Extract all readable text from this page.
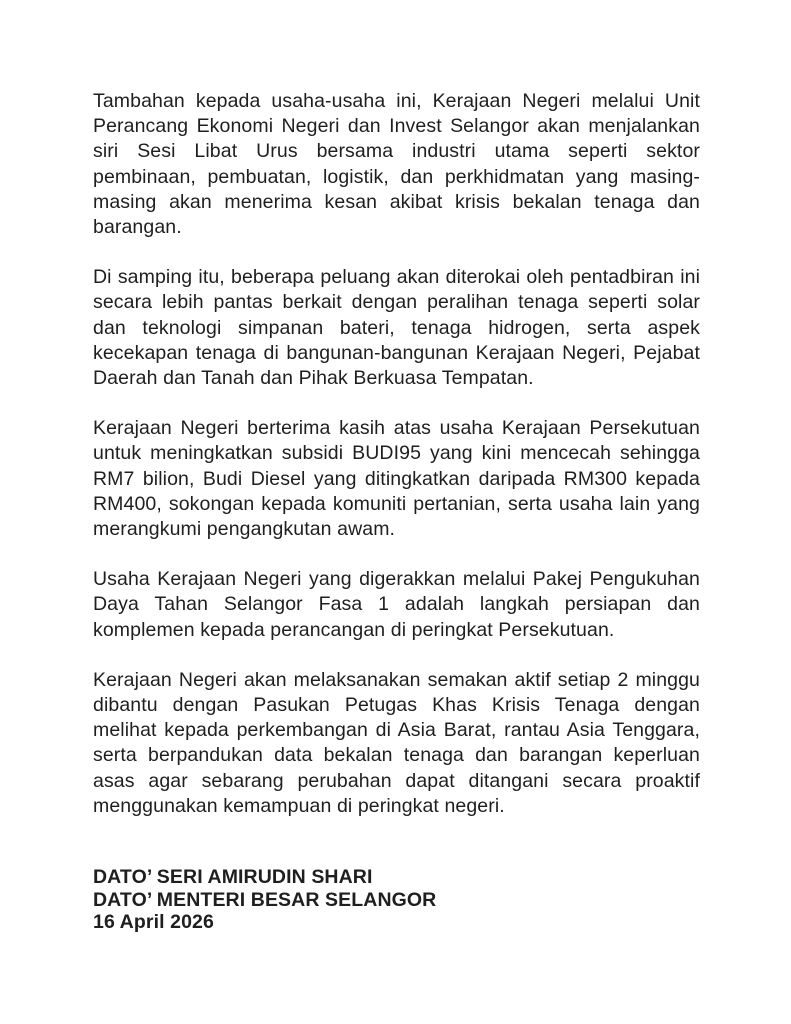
Tambahan kepada usaha-usaha ini, Kerajaan Negeri melalui Unit Perancang Ekonomi Negeri dan Invest Selangor akan menjalankan siri Sesi Libat Urus bersama industri utama seperti sektor pembinaan, pembuatan, logistik, dan perkhidmatan yang masing-masing akan menerima kesan akibat krisis bekalan tenaga dan barangan.

Di samping itu, beberapa peluang akan diterokai oleh pentadbiran ini secara lebih pantas berkait dengan peralihan tenaga seperti solar dan teknologi simpanan bateri, tenaga hidrogen, serta aspek kecekapan tenaga di bangunan-bangunan Kerajaan Negeri, Pejabat Daerah dan Tanah dan Pihak Berkuasa Tempatan.

Kerajaan Negeri berterima kasih atas usaha Kerajaan Persekutuan untuk meningkatkan subsidi BUDI95 yang kini mencecah sehingga RM7 bilion, Budi Diesel yang ditingkatkan daripada RM300 kepada RM400, sokongan kepada komuniti pertanian, serta usaha lain yang merangkumi pengangkutan awam.

Usaha Kerajaan Negeri yang digerakkan melalui Pakej Pengukuhan Daya Tahan Selangor Fasa 1 adalah langkah persiapan dan komplemen kepada perancangan di peringkat Persekutuan.

Kerajaan Negeri akan melaksanakan semakan aktif setiap 2 minggu dibantu dengan Pasukan Petugas Khas Krisis Tenaga dengan melihat kepada perkembangan di Asia Barat, rantau Asia Tenggara, serta berpandukan data bekalan tenaga dan barangan keperluan asas agar sebarang perubahan dapat ditangani secara proaktif menggunakan kemampuan di peringkat negeri.

DATO’ SERI AMIRUDIN SHARI
DATO’ MENTERI BESAR SELANGOR
16 April 2026
